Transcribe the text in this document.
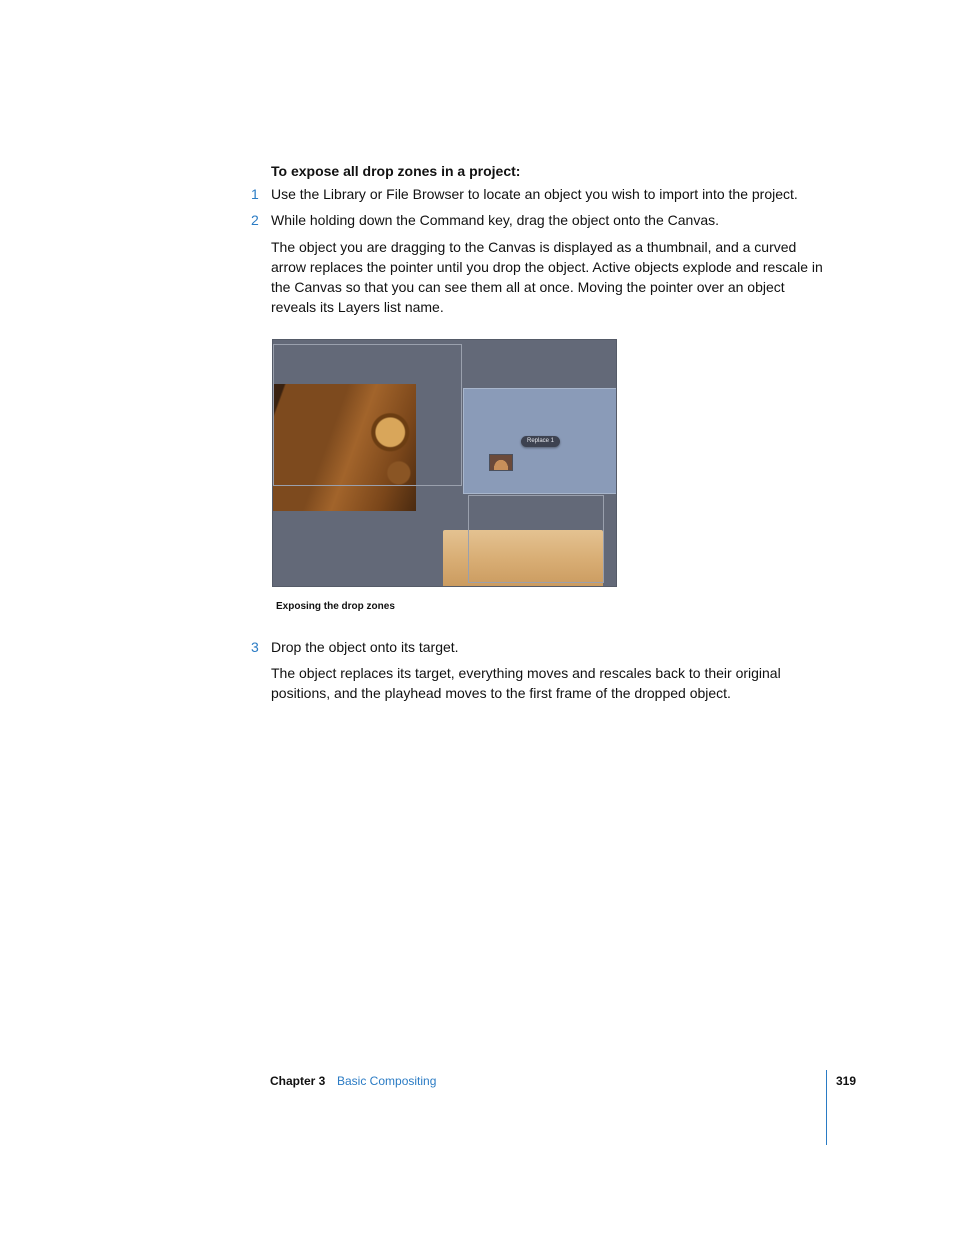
To expose all drop zones in a project:
1 Use the Library or File Browser to locate an object you wish to import into the project.
2 While holding down the Command key, drag the object onto the Canvas.

The object you are dragging to the Canvas is displayed as a thumbnail, and a curved arrow replaces the pointer until you drop the object. Active objects explode and rescale in the Canvas so that you can see them all at once. Moving the pointer over an object reveals its Layers list name.

Replace 1
Exposing the drop zones
3 Drop the object onto its target.

The object replaces its target, everything moves and rescales back to their original positions, and the playhead moves to the first frame of the dropped object.

Chapter 3 Basic Compositing	319
